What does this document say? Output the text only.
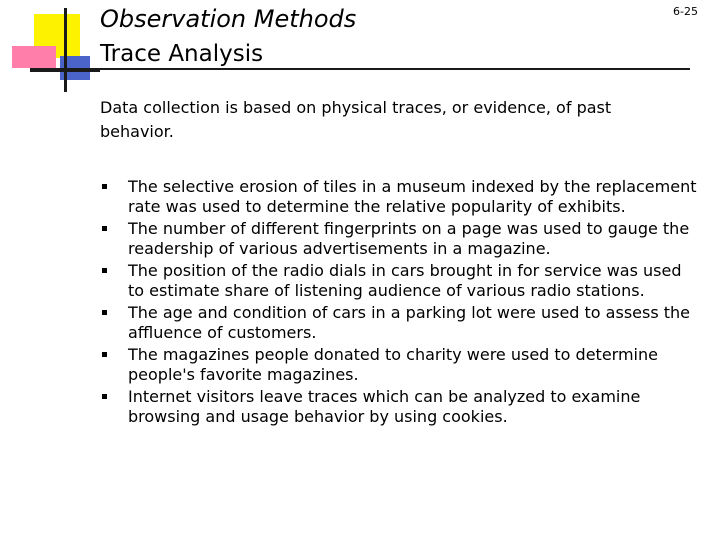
Observation Methods
Trace Analysis
6-25

Data collection is based on physical traces, or evidence, of past behavior.

The selective erosion of tiles in a museum indexed by the replacement rate was used to determine the relative popularity of exhibits.
The number of different fingerprints on a page was used to gauge the readership of various advertisements in a magazine.
The position of the radio dials in cars brought in for service was used to estimate share of listening audience of various radio stations.
The age and condition of cars in a parking lot were used to assess the affluence of customers.
The magazines people donated to charity were used to determine people's favorite magazines.
Internet visitors leave traces which can be analyzed to examine browsing and usage behavior by using cookies.
